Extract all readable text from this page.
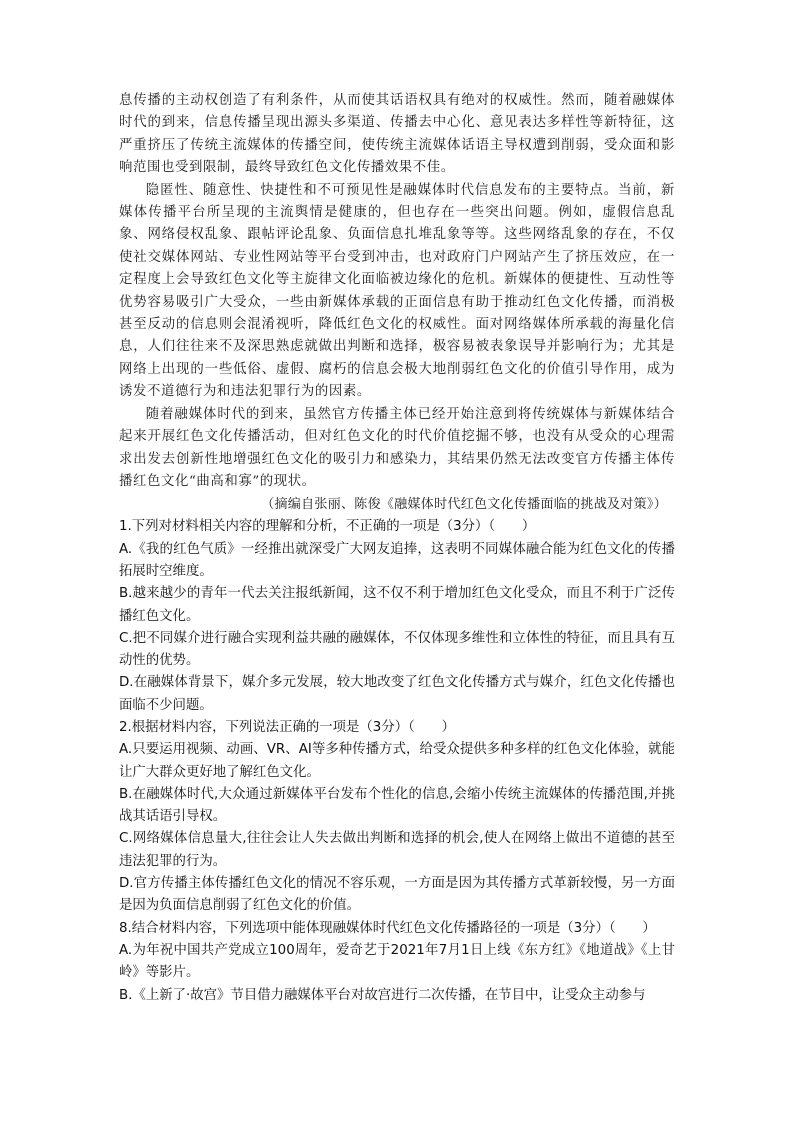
息传播的主动权创造了有利条件，从而使其话语权具有绝对的权威性。然而，随着融媒体时代的到来，信息传播呈现出源头多渠道、传播去中心化、意见表达多样性等新特征，这严重挤压了传统主流媒体的传播空间，使传统主流媒体话语主导权遭到削弱，受众面和影响范围也受到限制，最终导致红色文化传播效果不佳。

隐匿性、随意性、快捷性和不可预见性是融媒体时代信息发布的主要特点。当前，新媒体传播平台所呈现的主流舆情是健康的，但也存在一些突出问题。例如，虚假信息乱象、网络侵权乱象、跟帖评论乱象、负面信息扎堆乱象等等。这些网络乱象的存在，不仅使社交媒体网站、专业性网站等平台受到冲击，也对政府门户网站产生了挤压效应，在一定程度上会导致红色文化等主旋律文化面临被边缘化的危机。新媒体的便捷性、互动性等优势容易吸引广大受众，一些由新媒体承载的正面信息有助于推动红色文化传播，而消极甚至反动的信息则会混淆视听，降低红色文化的权威性。面对网络媒体所承载的海量化信息，人们往往来不及深思熟虑就做出判断和选择，极容易被表象误导并影响行为；尤其是网络上出现的一些低俗、虚假、腐朽的信息会极大地削弱红色文化的价值引导作用，成为诱发不道德行为和违法犯罪行为的因素。

随着融媒体时代的到来，虽然官方传播主体已经开始注意到将传统媒体与新媒体结合起来开展红色文化传播活动，但对红色文化的时代价值挖掘不够，也没有从受众的心理需求出发去创新性地增强红色文化的吸引力和感染力，其结果仍然无法改变官方传播主体传播红色文化“曲高和寡”的现状。

（摘编自张丽、陈俊《融媒体时代红色文化传播面临的挑战及对策》）

1.下列对材料相关内容的理解和分析，不正确的一项是（3分）（　　）

A.《我的红色气质》一经推出就深受广大网友追捧，这表明不同媒体融合能为红色文化的传播拓展时空维度。

B.越来越少的青年一代去关注报纸新闻，这不仅不利于增加红色文化受众，而且不利于广泛传播红色文化。

C.把不同媒介进行融合实现利益共融的融媒体，不仅体现多维性和立体性的特征，而且具有互动性的优势。

D.在融媒体背景下，媒介多元发展，较大地改变了红色文化传播方式与媒介，红色文化传播也面临不少问题。

2.根据材料内容，下列说法正确的一项是（3分）（　　）

A.只要运用视频、动画、VR、AI等多种传播方式，给受众提供多种多样的红色文化体验，就能让广大群众更好地了解红色文化。

B.在融媒体时代,大众通过新媒体平台发布个性化的信息,会缩小传统主流媒体的传播范围,并挑战其话语引导权。

C.网络媒体信息量大,往往会让人失去做出判断和选择的机会,使人在网络上做出不道德的甚至违法犯罪的行为。

D.官方传播主体传播红色文化的情况不容乐观，一方面是因为其传播方式革新较慢，另一方面是因为负面信息削弱了红色文化的价值。

8.结合材料内容，下列选项中能体现融媒体时代红色文化传播路径的一项是（3分）（　　）

A.为年祝中国共产党成立100周年，爱奇艺于2021年7月1日上线《东方红》《地道战》《上甘岭》等影片。

B.《上新了·故宫》节目借力融媒体平台对故宫进行二次传播，在节目中，让受众主动参与
